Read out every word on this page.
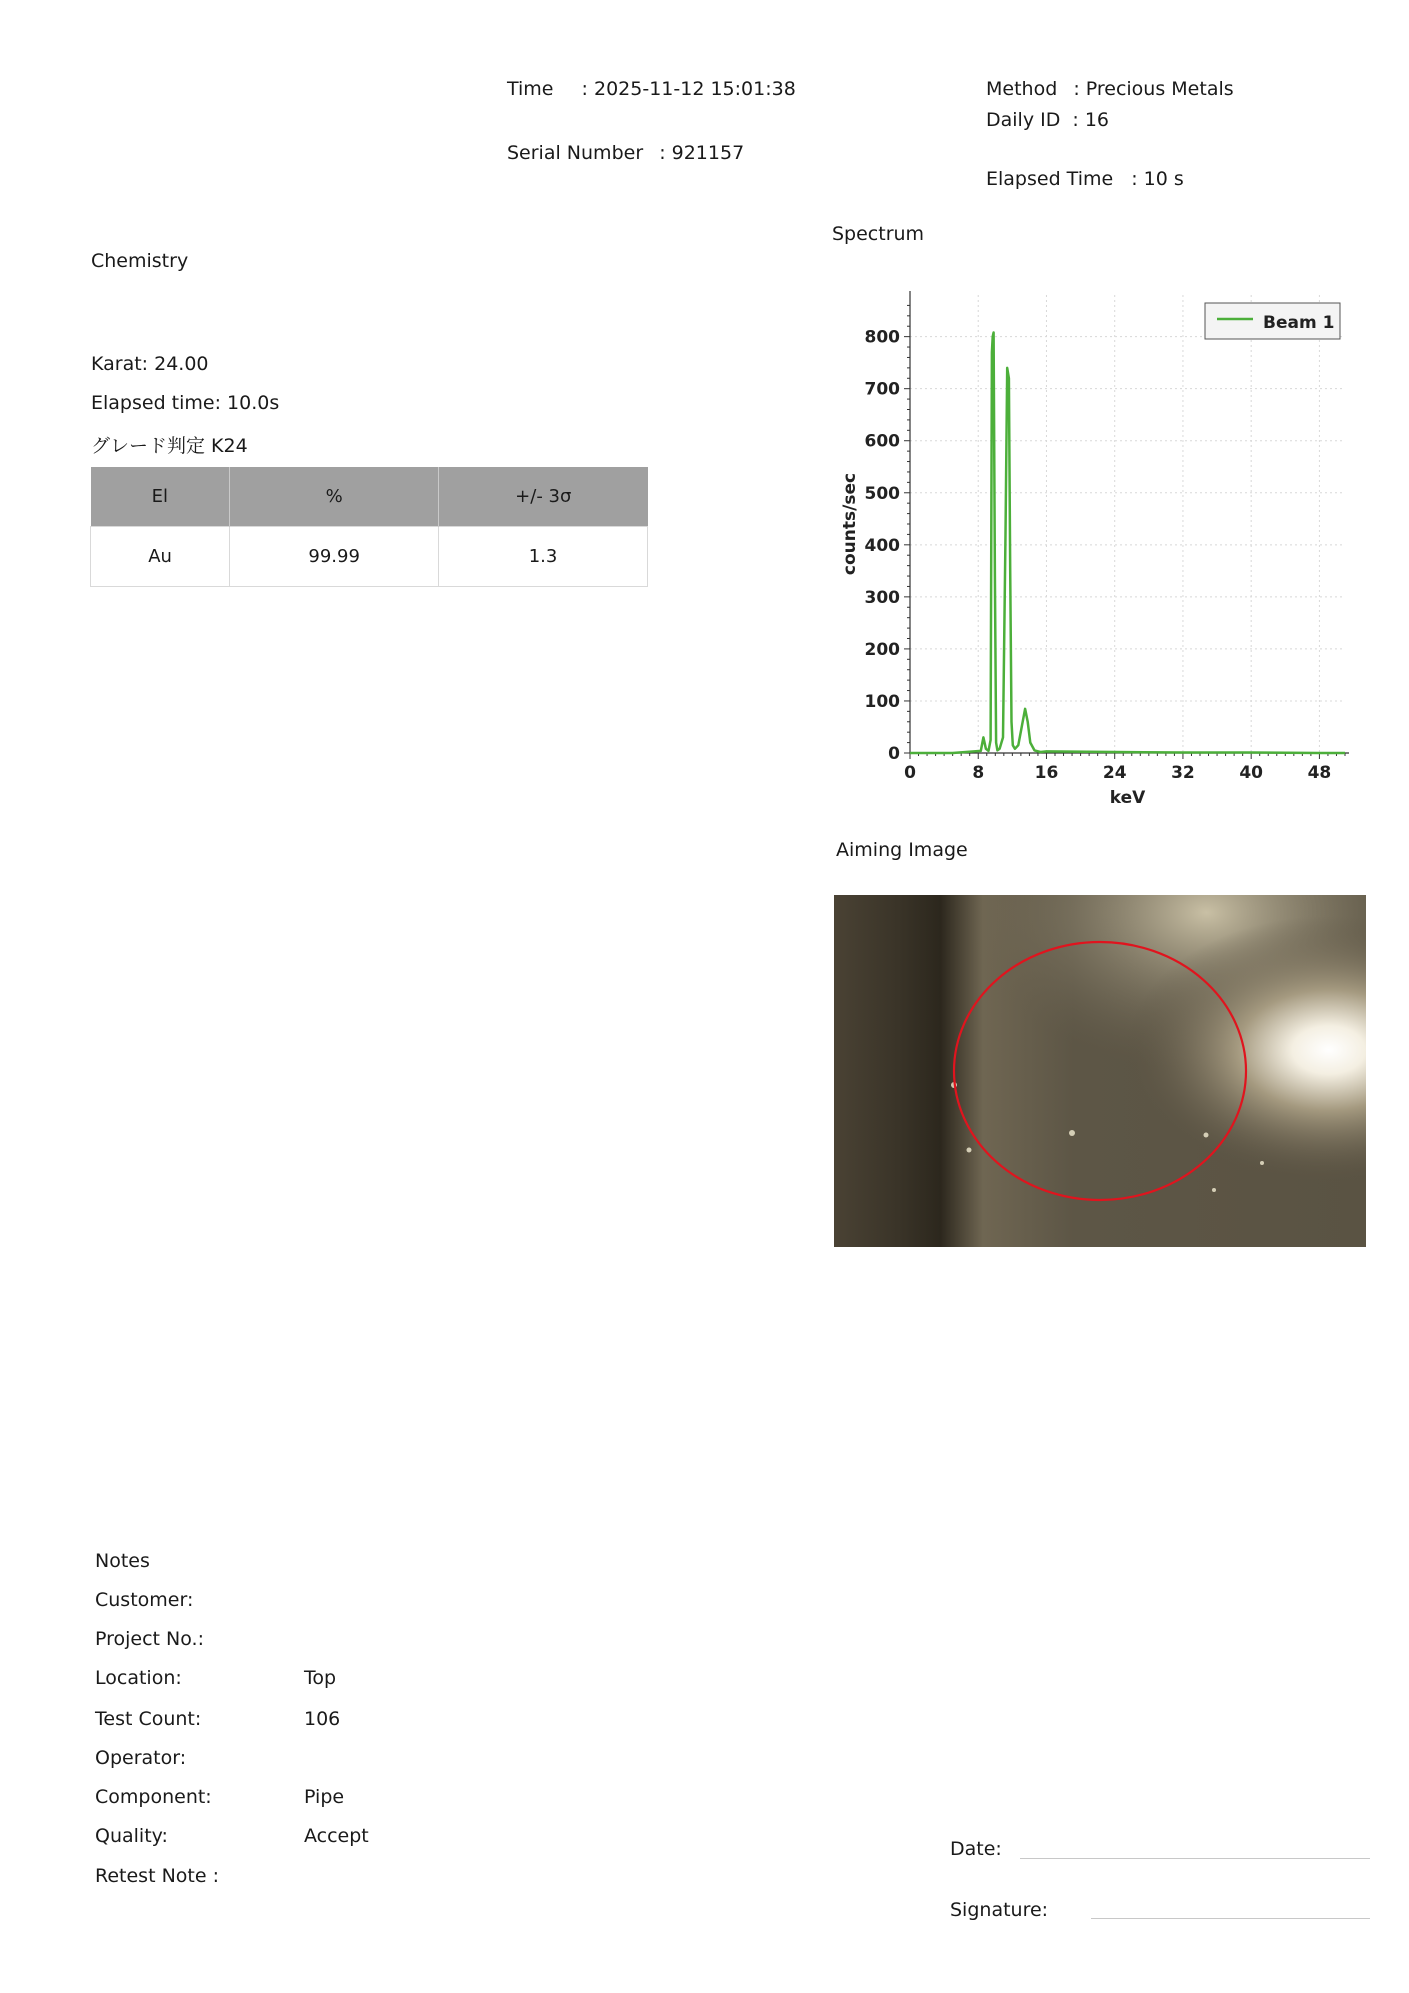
Time : 2025-11-12 15:01:38
Serial Number : 921157
Method : Precious Metals
Daily ID : 16
Elapsed Time : 10 s
Chemistry
Karat: 24.00
Elapsed time: 10.0s
グレード判定 K24
El	%	+/- 3σ
Au	99.99	1.3
Spectrum
0
100
200
300
400
500
600
700
800
0	8	16	24	32	40	48
keV
counts/sec
Beam 1
Aiming Image
Notes
Customer:
Project No.:
Location:	Top
Test Count:	106
Operator:
Component:	Pipe
Quality:	Accept
Retest Note :
Date:
Signature:
